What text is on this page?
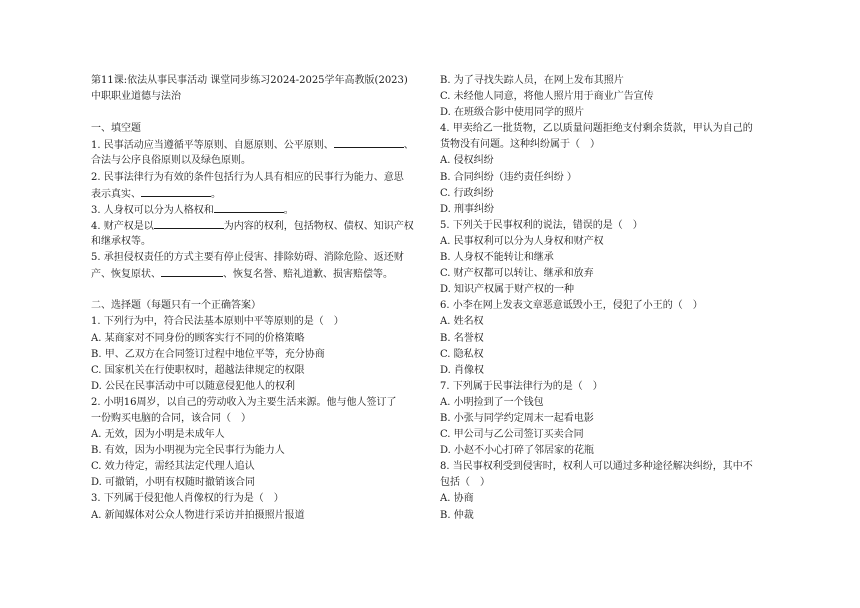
第11课:依法从事民事活动 课堂同步练习2024-2025学年高教版(2023)
中职职业道德与法治
一、填空题
1. 民事活动应当遵循平等原则、自愿原则、公平原则、	、
合法与公序良俗原则以及绿色原则。
2. 民事法律行为有效的条件包括行为人具有相应的民事行为能力、意思
表示真实、	。
3. 人身权可以分为人格权和	。
4. 财产权是以	为内容的权利，包括物权、债权、知识产权
和继承权等。
5. 承担侵权责任的方式主要有停止侵害、排除妨碍、消除危险、返还财
产、恢复原状、	、恢复名誉、赔礼道歉、损害赔偿等。
二、选择题（每题只有一个正确答案）
1. 下列行为中，符合民法基本原则中平等原则的是（　）
A. 某商家对不同身份的顾客实行不同的价格策略
B. 甲、乙双方在合同签订过程中地位平等，充分协商
C. 国家机关在行使职权时，超越法律规定的权限
D. 公民在民事活动中可以随意侵犯他人的权利
2. 小明16周岁，以自己的劳动收入为主要生活来源。他与他人签订了
一份购买电脑的合同，该合同（　）
A. 无效，因为小明是未成年人
B. 有效，因为小明视为完全民事行为能力人
C. 效力待定，需经其法定代理人追认
D. 可撤销，小明有权随时撤销该合同
3. 下列属于侵犯他人肖像权的行为是（　）
A. 新闻媒体对公众人物进行采访并拍摄照片报道
B. 为了寻找失踪人员，在网上发布其照片
C. 未经他人同意，将他人照片用于商业广告宣传
D. 在班级合影中使用同学的照片
4. 甲卖给乙一批货物，乙以质量问题拒绝支付剩余货款，甲认为自己的
货物没有问题。这种纠纷属于（　）
A. 侵权纠纷
B. 合同纠纷（违约责任纠纷 ）
C. 行政纠纷
D. 刑事纠纷
5. 下列关于民事权利的说法，错误的是（　）
A. 民事权利可以分为人身权和财产权
B. 人身权不能转让和继承
C. 财产权都可以转让、继承和放弃
D. 知识产权属于财产权的一种
6. 小李在网上发表文章恶意诋毁小王，侵犯了小王的（　）
A. 姓名权
B. 名誉权
C. 隐私权
D. 肖像权
7. 下列属于民事法律行为的是（　）
A. 小明捡到了一个钱包
B. 小张与同学约定周末一起看电影
C. 甲公司与乙公司签订买卖合同
D. 小赵不小心打碎了邻居家的花瓶
8. 当民事权利受到侵害时，权利人可以通过多种途径解决纠纷，其中不
包括（　）
A. 协商
B. 仲裁
